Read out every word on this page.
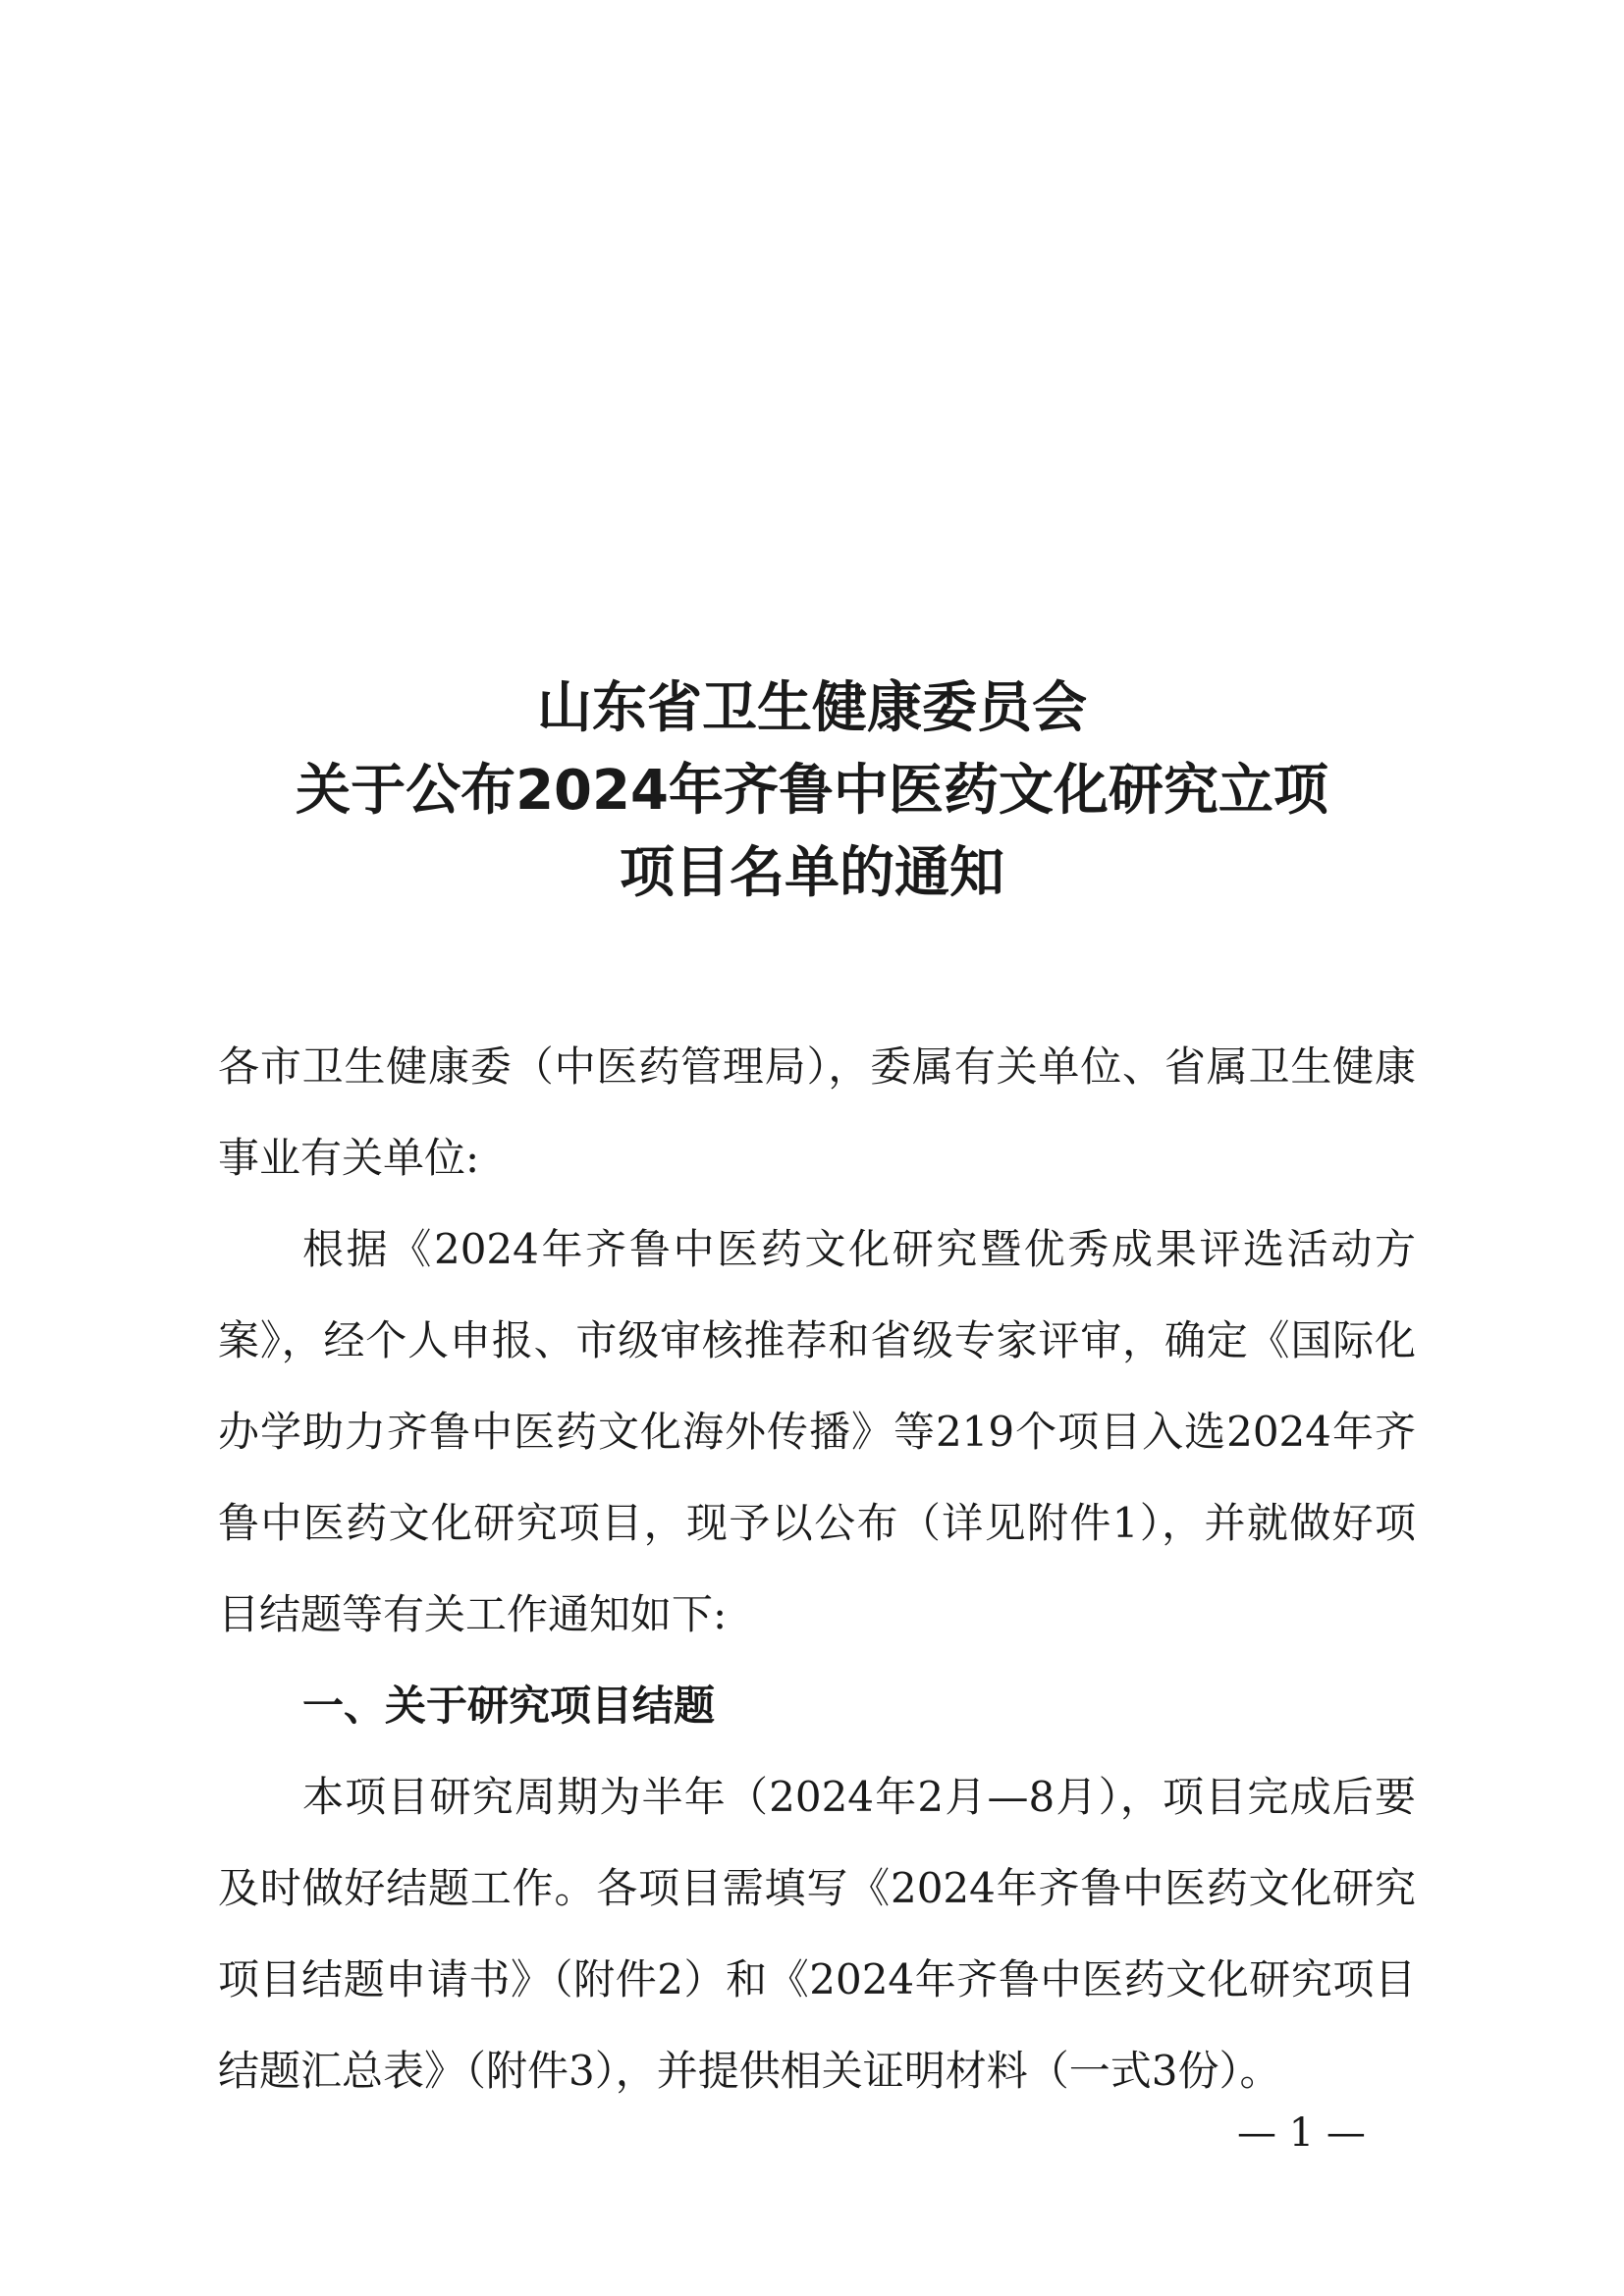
山东省卫生健康委员会
关于公布2024年齐鲁中医药文化研究立项
项目名单的通知

各市卫生健康委（中医药管理局），委属有关单位、省属卫生健康事业有关单位:

根据《2024年齐鲁中医药文化研究暨优秀成果评选活动方案》，经个人申报、市级审核推荐和省级专家评审，确定《国际化办学助力齐鲁中医药文化海外传播》等219个项目入选2024年齐鲁中医药文化研究项目，现予以公布（详见附件1），并就做好项目结题等有关工作通知如下:

一、关于研究项目结题

本项目研究周期为半年（2024年2月—8月），项目完成后要及时做好结题工作。各项目需填写《2024年齐鲁中医药文化研究项目结题申请书》（附件2）和《2024年齐鲁中医药文化研究项目结题汇总表》（附件3），并提供相关证明材料（一式3份）。

— 1 —
